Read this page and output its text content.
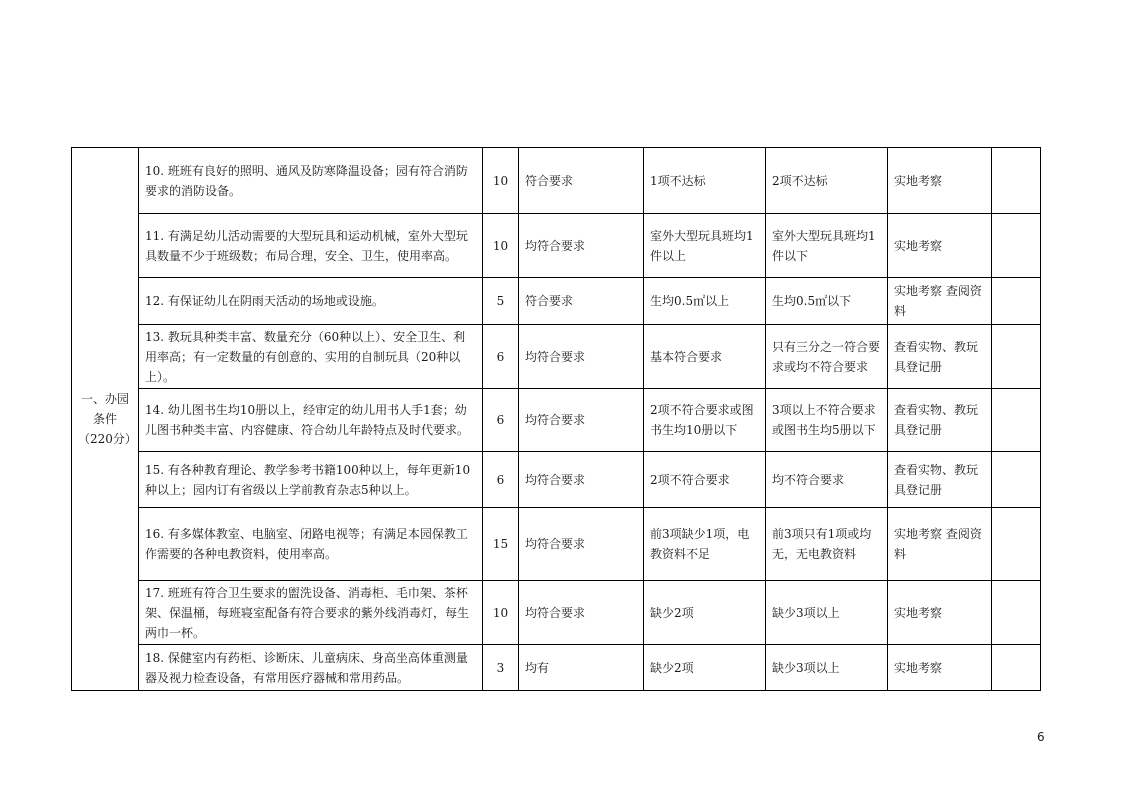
一、办园条件（220分）	10. 班班有良好的照明、通风及防寒降温设备；园有符合消防要求的消防设备。	10	符合要求	1项不达标	2项不达标	实地考察	
	11. 有满足幼儿活动需要的大型玩具和运动机械，室外大型玩具数量不少于班级数；布局合理，安全、卫生，使用率高。	10	均符合要求	室外大型玩具班均1件以上	室外大型玩具班均1件以下	实地考察	
	12. 有保证幼儿在阴雨天活动的场地或设施。	5	符合要求	生均0.5㎡以上	生均0.5㎡以下	实地考察 查阅资料	
	13. 教玩具种类丰富、数量充分（60种以上）、安全卫生、利用率高；有一定数量的有创意的、实用的自制玩具（20种以上）。	6	均符合要求	基本符合要求	只有三分之一符合要求或均不符合要求	查看实物、教玩具登记册	
	14. 幼儿图书生均10册以上，经审定的幼儿用书人手1套；幼儿图书种类丰富、内容健康、符合幼儿年龄特点及时代要求。	6	均符合要求	2项不符合要求或图书生均10册以下	3项以上不符合要求或图书生均5册以下	查看实物、教玩具登记册	
	15. 有各种教育理论、教学参考书籍100种以上，每年更新10种以上；园内订有省级以上学前教育杂志5种以上。	6	均符合要求	2项不符合要求	均不符合要求	查看实物、教玩具登记册	
	16. 有多媒体教室、电脑室、闭路电视等；有满足本园保教工作需要的各种电教资料，使用率高。	15	均符合要求	前3项缺少1项，电教资料不足	前3项只有1项或均无，无电教资料	实地考察 查阅资料	
	17. 班班有符合卫生要求的盥洗设备、消毒柜、毛巾架、茶杯架、保温桶，每班寝室配备有符合要求的紫外线消毒灯，每生两巾一杯。	10	均符合要求	缺少2项	缺少3项以上	实地考察	
	18. 保健室内有药柜、诊断床、儿童病床、身高坐高体重测量器及视力检查设备，有常用医疗器械和常用药品。	3	均有	缺少2项	缺少3项以上	实地考察	
6
